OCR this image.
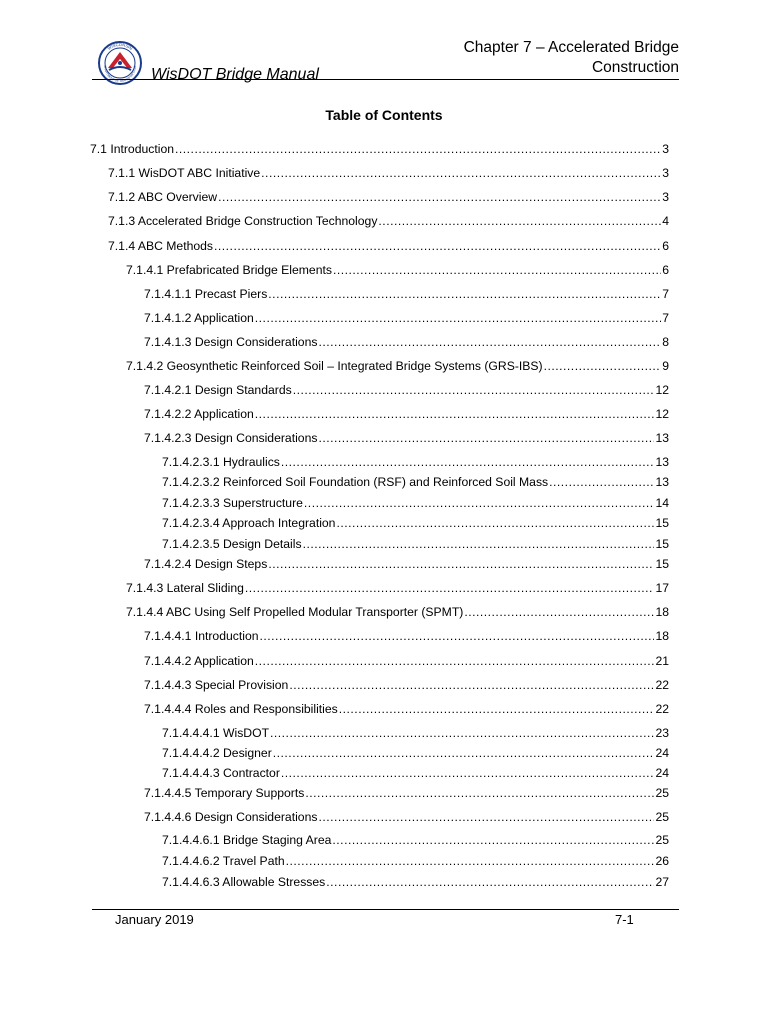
WISCONSIN
EPARTMENT OF TRANSPORTATIO WisDOT Bridge Manual
Chapter 7 – Accelerated Bridge
Construction
Table of Contents
7.1 Introduction .....	3
7.1.1 WisDOT ABC Initiative .....	3
7.1.2 ABC Overview .....	3
7.1.3 Accelerated Bridge Construction Technology .....	4
7.1.4 ABC Methods .....	6
7.1.4.1 Prefabricated Bridge Elements .....	6
7.1.4.1.1 Precast Piers .....	7
7.1.4.1.2 Application .....	7
7.1.4.1.3 Design Considerations .....	8
7.1.4.2 Geosynthetic Reinforced Soil – Integrated Bridge Systems (GRS-IBS) .....	9
7.1.4.2.1 Design Standards .....	12
7.1.4.2.2 Application .....	12
7.1.4.2.3 Design Considerations .....	13
7.1.4.2.3.1 Hydraulics .....	13
7.1.4.2.3.2 Reinforced Soil Foundation (RSF) and Reinforced Soil Mass .....	13
7.1.4.2.3.3 Superstructure .....	14
7.1.4.2.3.4 Approach Integration .....	15
7.1.4.2.3.5 Design Details .....	15
7.1.4.2.4 Design Steps .....	15
7.1.4.3 Lateral Sliding .....	17
7.1.4.4 ABC Using Self Propelled Modular Transporter (SPMT) .....	18
7.1.4.4.1 Introduction .....	18
7.1.4.4.2 Application .....	21
7.1.4.4.3 Special Provision .....	22
7.1.4.4.4 Roles and Responsibilities .....	22
7.1.4.4.4.1 WisDOT .....	23
7.1.4.4.4.2 Designer .....	24
7.1.4.4.4.3 Contractor .....	24
7.1.4.4.5 Temporary Supports .....	25
7.1.4.4.6 Design Considerations .....	25
7.1.4.4.6.1 Bridge Staging Area .....	25
7.1.4.4.6.2 Travel Path .....	26
7.1.4.4.6.3 Allowable Stresses .....	27
January 2019	7-1
